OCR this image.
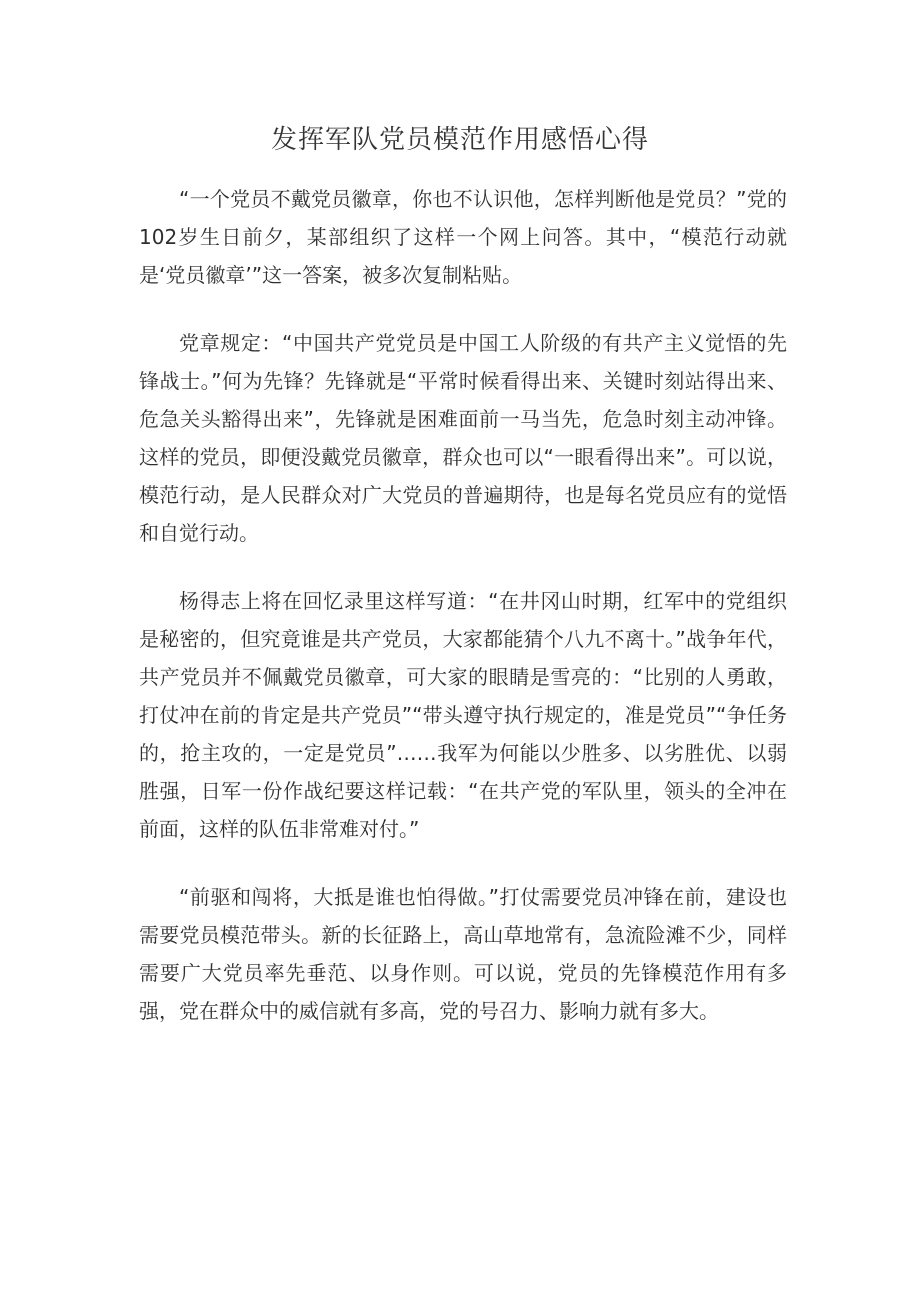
发挥军队党员模范作用感悟心得

“一个党员不戴党员徽章，你也不认识他，怎样判断他是党员？”党的102岁生日前夕，某部组织了这样一个网上问答。其中，“模范行动就是‘党员徽章’”这一答案，被多次复制粘贴。

党章规定：“中国共产党党员是中国工人阶级的有共产主义觉悟的先锋战士。”何为先锋？先锋就是“平常时候看得出来、关键时刻站得出来、危急关头豁得出来”，先锋就是困难面前一马当先，危急时刻主动冲锋。这样的党员，即便没戴党员徽章，群众也可以“一眼看得出来”。可以说，模范行动，是人民群众对广大党员的普遍期待，也是每名党员应有的觉悟和自觉行动。

杨得志上将在回忆录里这样写道：“在井冈山时期，红军中的党组织是秘密的，但究竟谁是共产党员，大家都能猜个八九不离十。”战争年代，共产党员并不佩戴党员徽章，可大家的眼睛是雪亮的：“比别的人勇敢，打仗冲在前的肯定是共产党员”“带头遵守执行规定的，准是党员”“争任务的，抢主攻的，一定是党员”……我军为何能以少胜多、以劣胜优、以弱胜强，日军一份作战纪要这样记载：“在共产党的军队里，领头的全冲在前面，这样的队伍非常难对付。”

“前驱和闯将，大抵是谁也怕得做。”打仗需要党员冲锋在前，建设也需要党员模范带头。新的长征路上，高山草地常有，急流险滩不少，同样需要广大党员率先垂范、以身作则。可以说，党员的先锋模范作用有多强，党在群众中的威信就有多高，党的号召力、影响力就有多大。
